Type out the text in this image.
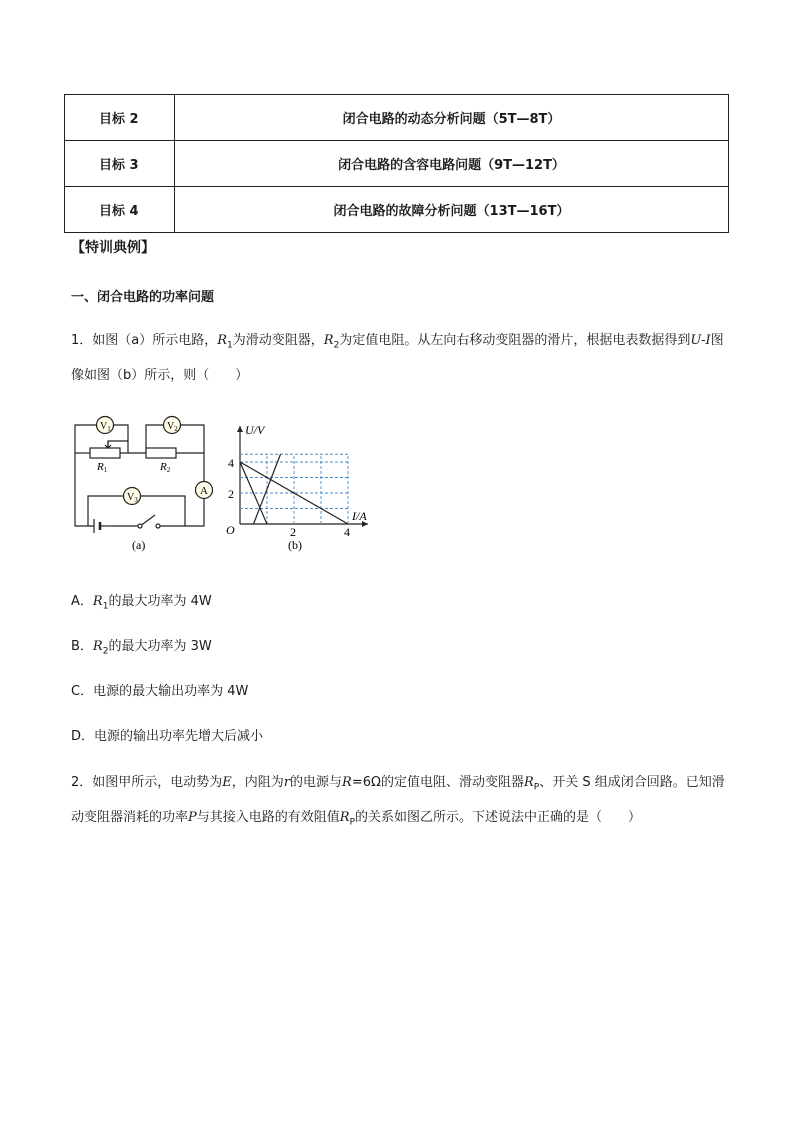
目标 2	闭合电路的动态分析问题（5T—8T）
目标 3	闭合电路的含容电路问题（9T—12T）
目标 4	闭合电路的故障分析问题（13T—16T）
【特训典例】
一、闭合电路的功率问题
1．如图（a）所示电路，$R_1$为滑动变阻器，$R_2$为定值电阻。从左向右移动变阻器的滑片，根据电表数据得到U-I图像如图（b）所示，则（　　）
$V_1$	$V_2$
$V_3$
A
R1	R2
(a)
U/V
I/A
O
4
2
2	4
(b)
A．$R_1$的最大功率为 4W
B．$R_2$的最大功率为 3W
C．电源的最大输出功率为 4W
D．电源的输出功率先增大后减小
2．如图甲所示，电动势为E，内阻为r的电源与R=6Ω的定值电阻、滑动变阻器$R_P$、开关 S 组成闭合回路。已知滑动变阻器消耗的功率P与其接入电路的有效阻值$R_P$的关系如图乙所示。下述说法中正确的是（　　）
